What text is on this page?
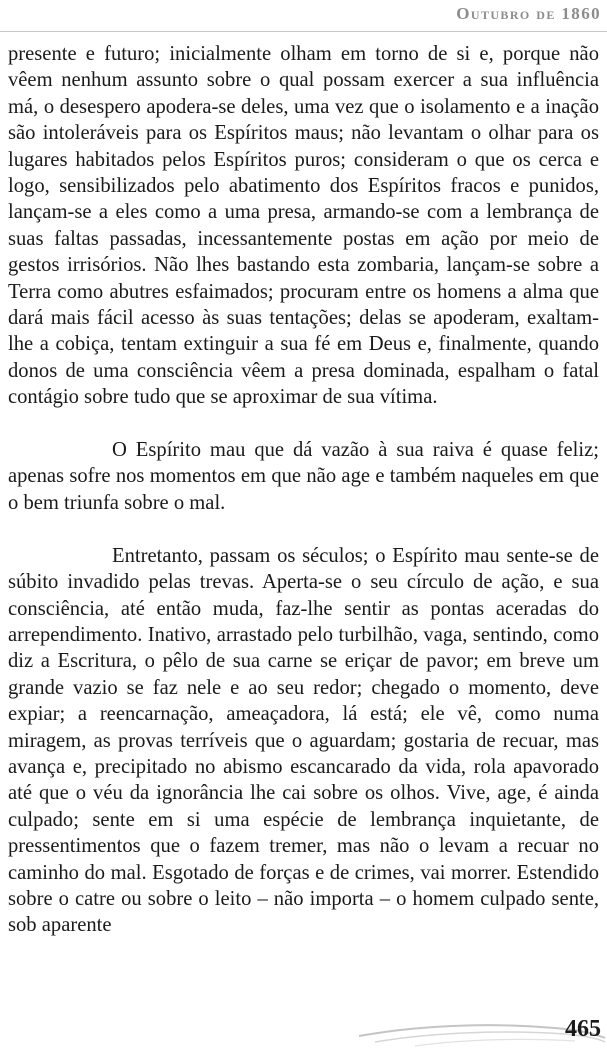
Outubro de 1860

presente e futuro; inicialmente olham em torno de si e, porque não vêem nenhum assunto sobre o qual possam exercer a sua influência má, o desespero apodera-se deles, uma vez que o isolamento e a inação são intoleráveis para os Espíritos maus; não levantam o olhar para os lugares habitados pelos Espíritos puros; consideram o que os cerca e logo, sensibilizados pelo abatimento dos Espíritos fracos e punidos, lançam-se a eles como a uma presa, armando-se com a lembrança de suas faltas passadas, incessantemente postas em ação por meio de gestos irrisórios. Não lhes bastando esta zombaria, lançam-se sobre a Terra como abutres esfaimados; procuram entre os homens a alma que dará mais fácil acesso às suas tentações; delas se apoderam, exaltam-lhe a cobiça, tentam extinguir a sua fé em Deus e, finalmente, quando donos de uma consciência vêem a presa dominada, espalham o fatal contágio sobre tudo que se aproximar de sua vítima.

O Espírito mau que dá vazão à sua raiva é quase feliz; apenas sofre nos momentos em que não age e também naqueles em que o bem triunfa sobre o mal.

Entretanto, passam os séculos; o Espírito mau sente-se de súbito invadido pelas trevas. Aperta-se o seu círculo de ação, e sua consciência, até então muda, faz-lhe sentir as pontas aceradas do arrependimento. Inativo, arrastado pelo turbilhão, vaga, sentindo, como diz a Escritura, o pêlo de sua carne se eriçar de pavor; em breve um grande vazio se faz nele e ao seu redor; chegado o momento, deve expiar; a reencarnação, ameaçadora, lá está; ele vê, como numa miragem, as provas terríveis que o aguardam; gostaria de recuar, mas avança e, precipitado no abismo escancarado da vida, rola apavorado até que o véu da ignorância lhe cai sobre os olhos. Vive, age, é ainda culpado; sente em si uma espécie de lembrança inquietante, de pressentimentos que o fazem tremer, mas não o levam a recuar no caminho do mal. Esgotado de forças e de crimes, vai morrer. Estendido sobre o catre ou sobre o leito – não importa – o homem culpado sente, sob aparente

465
